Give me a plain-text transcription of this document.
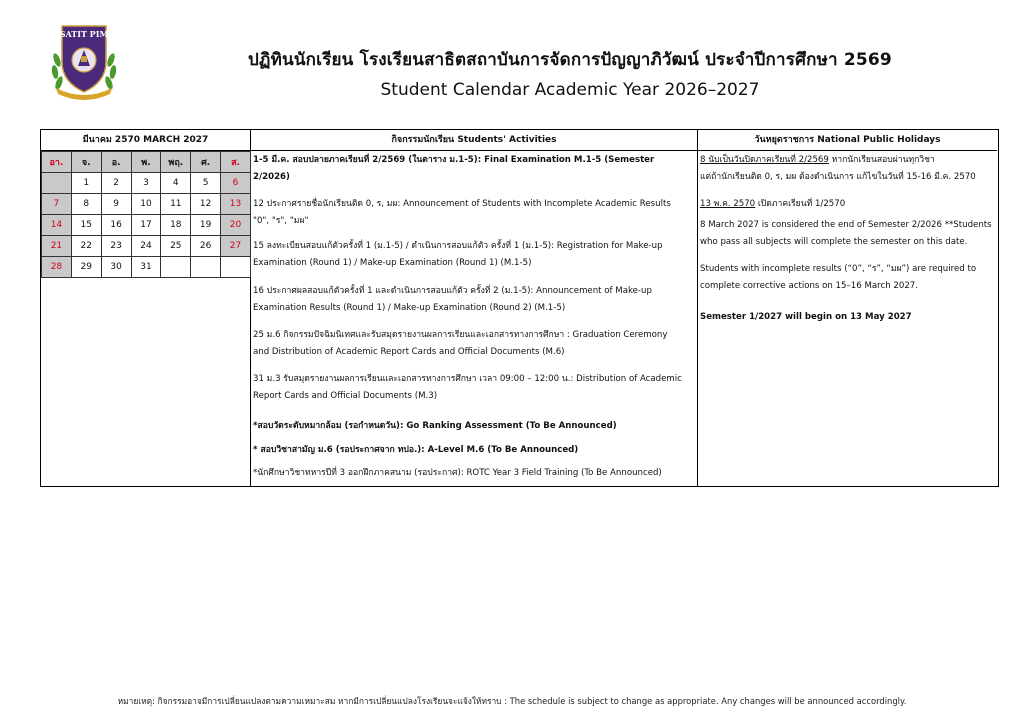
SATIT PIM
ปฏิทินนักเรียน โรงเรียนสาธิตสถาบันการจัดการปัญญาภิวัฒน์ ประจำปีการศึกษา 2569
Student Calendar Academic Year 2026–2027
มีนาคม 2570 MARCH 2027
อา.	จ.	อ.	พ.	พฤ.	ศ.	ส.
	1	2	3	4	5	6
7	8	9	10	11	12	13
14	15	16	17	18	19	20
21	22	23	24	25	26	27
28	29	30	31			
กิจกรรมนักเรียน Students' Activities
1-5 มี.ค. สอบปลายภาคเรียนที่ 2/2569 (ในตาราง ม.1-5): Final Examination M.1-5 (Semester 2/2026)
12 ประกาศรายชื่อนักเรียนติด 0, ร, มผ: Announcement of Students with Incomplete Academic Results
"0", "ร", "มผ"
15 ลงทะเบียนสอบแก้ตัวครั้งที่ 1 (ม.1-5) / ดำเนินการสอบแก้ตัว ครั้งที่ 1 (ม.1-5): Registration for Make-up
Examination (Round 1) / Make-up Examination (Round 1) (M.1-5)
16 ประกาศผลสอบแก้ตัวครั้งที่ 1 และดำเนินการสอบแก้ตัว ครั้งที่ 2 (ม.1-5): Announcement of Make-up
Examination Results (Round 1) / Make-up Examination (Round 2) (M.1-5)
25 ม.6 กิจกรรมปัจฉิมนิเทศและรับสมุดรายงานผลการเรียนและเอกสารทางการศึกษา : Graduation Ceremony
and Distribution of Academic Report Cards and Official Documents (M.6)
31 ม.3 รับสมุดรายงานผลการเรียนและเอกสารทางการศึกษา เวลา 09:00 – 12:00 น.: Distribution of Academic
Report Cards and Official Documents (M.3)
*สอบวัดระดับหมากล้อม (รอกำหนดวัน): Go Ranking Assessment (To Be Announced)
* สอบวิชาสามัญ ม.6 (รอประกาศจาก ทปอ.): A-Level M.6 (To Be Announced)
*นักศึกษาวิชาทหารปีที่ 3 ออกฝึกภาคสนาม (รอประกาศ): ROTC Year 3 Field Training (To Be Announced)
วันหยุดราชการ National Public Holidays
8 นับเป็นวันปิดภาคเรียนที่ 2/2569 หากนักเรียนสอบผ่านทุกวิชา
แต่ถ้านักเรียนติด 0, ร, มผ ต้องดำเนินการ แก้ไขในวันที่ 15-16 มี.ค. 2570
13 พ.ค. 2570 เปิดภาคเรียนที่ 1/2570
8 March 2027 is considered the end of Semester 2/2026 **Students
who pass all subjects will complete the semester on this date.
Students with incomplete results (“0”, “ร”, “มผ”) are required to
complete corrective actions on 15–16 March 2027.
Semester 1/2027 will begin on 13 May 2027
หมายเหตุ: กิจกรรมอาจมีการเปลี่ยนแปลงตามความเหมาะสม หากมีการเปลี่ยนแปลงโรงเรียนจะแจ้งให้ทราบ : The schedule is subject to change as appropriate. Any changes will be announced accordingly.
